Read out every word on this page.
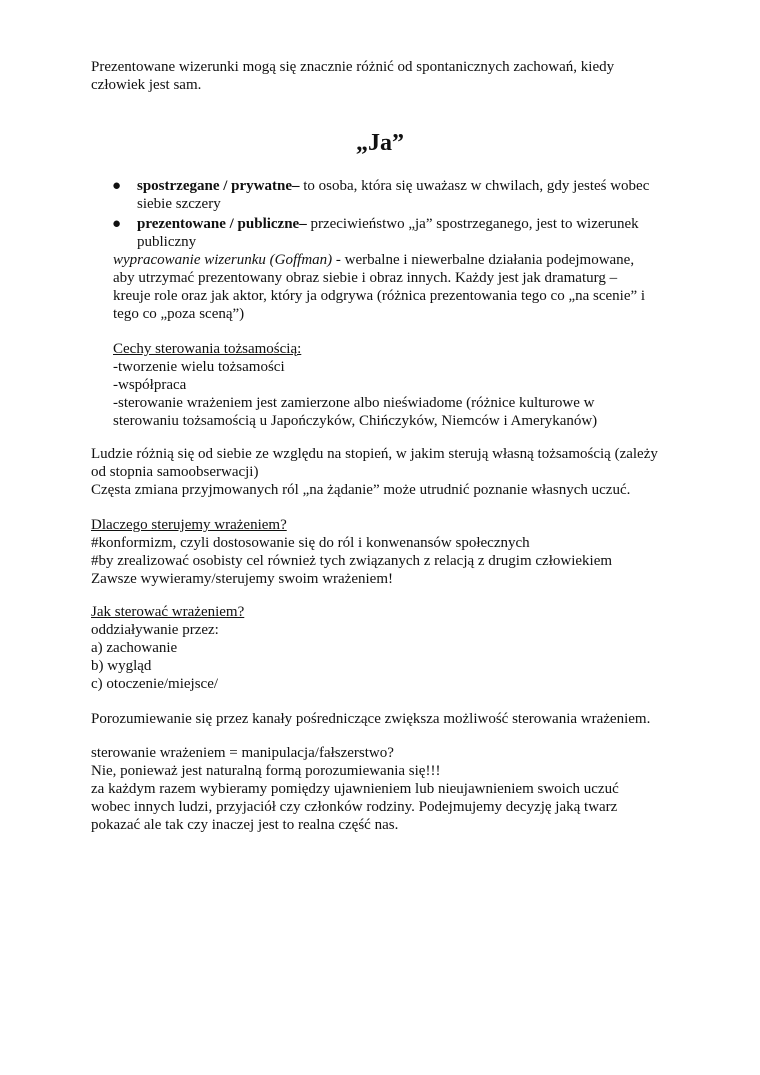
Prezentowane wizerunki mogą się znacznie różnić od spontanicznych zachowań, kiedy
człowiek jest sam.

„Ja”
●	spostrzegane / prywatne– to osoba, która się uważasz w chwilach, gdy jesteś wobec
siebie szczery
●	prezentowane / publiczne– przeciwieństwo „ja” spostrzeganego, jest to wizerunek
publiczny

wypracowanie wizerunku (Goffman) - werbalne i niewerbalne działania podejmowane,
aby utrzymać prezentowany obraz siebie i obraz innych. Każdy jest jak dramaturg –
kreuje role oraz jak aktor, który ja odgrywa (różnica prezentowania tego co „na scenie” i
tego co „poza sceną”)

Cechy sterowania tożsamością:
-tworzenie wielu tożsamości
-współpraca
-sterowanie wrażeniem jest zamierzone albo nieświadome (różnice kulturowe w
sterowaniu tożsamością u Japończyków, Chińczyków, Niemców i Amerykanów)

Ludzie różnią się od siebie ze względu na stopień, w jakim sterują własną tożsamością (zależy
od stopnia samoobserwacji)
Częsta zmiana przyjmowanych ról „na żądanie” może utrudnić poznanie własnych uczuć.

Dlaczego sterujemy wrażeniem?
#konformizm, czyli dostosowanie się do ról i konwenansów społecznych
#by zrealizować osobisty cel również tych związanych z relacją z drugim człowiekiem
Zawsze wywieramy/sterujemy swoim wrażeniem!

Jak sterować wrażeniem?
oddziaływanie przez:
a) zachowanie
b) wygląd
c) otoczenie/miejsce/

Porozumiewanie się przez kanały pośredniczące zwiększa możliwość sterowania wrażeniem.

sterowanie wrażeniem = manipulacja/fałszerstwo?
Nie, ponieważ jest naturalną formą porozumiewania się!!!
za każdym razem wybieramy pomiędzy ujawnieniem lub nieujawnieniem swoich uczuć
wobec innych ludzi, przyjaciół czy członków rodziny. Podejmujemy decyzję jaką twarz
pokazać ale tak czy inaczej jest to realna część nas.
